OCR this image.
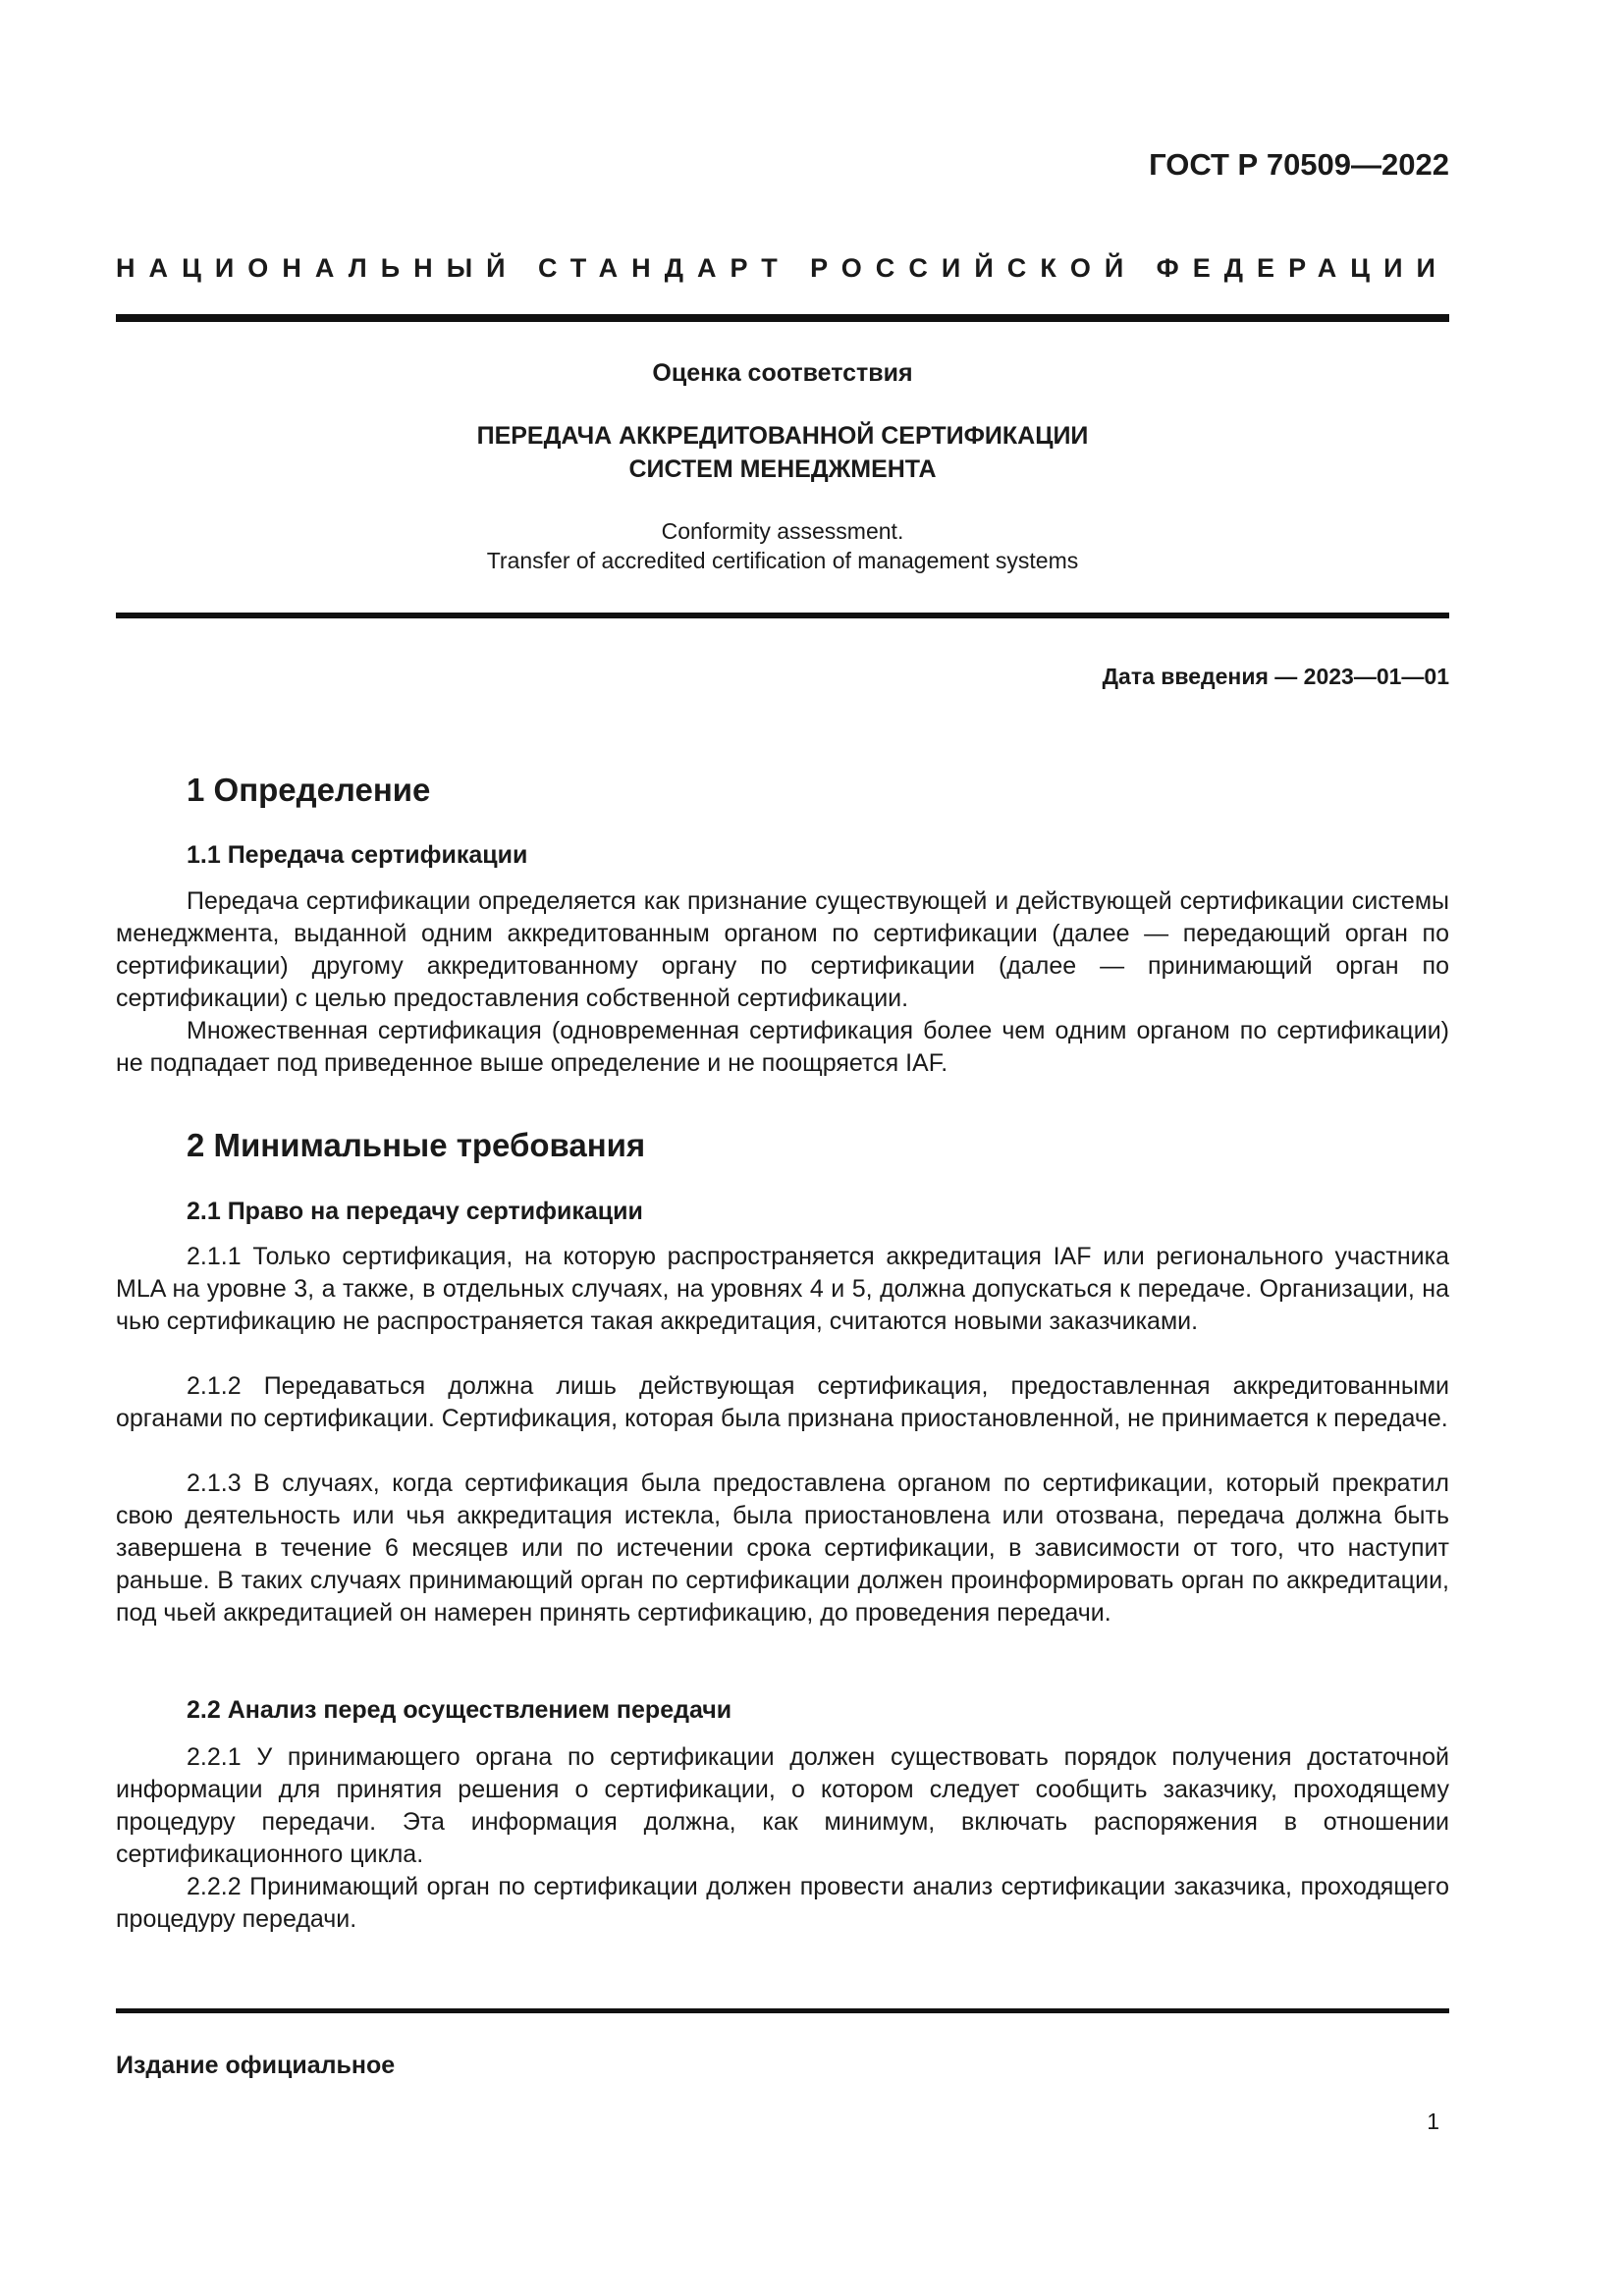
ГОСТ Р 70509—2022
НАЦИОНАЛЬНЫЙ СТАНДАРТ РОССИЙСКОЙ ФЕДЕРАЦИИ
Оценка соответствия
ПЕРЕДАЧА АККРЕДИТОВАННОЙ СЕРТИФИКАЦИИ
СИСТЕМ МЕНЕДЖМЕНТА
Conformity assessment.
Transfer of accredited certification of management systems
Дата введения — 2023—01—01
1 Определение
1.1 Передача сертификации
Передача сертификации определяется как признание существующей и действующей сертификации системы менеджмента, выданной одним аккредитованным органом по сертификации (далее — передающий орган по сертификации) другому аккредитованному органу по сертификации (далее — принимающий орган по сертификации) с целью предоставления собственной сертификации.
Множественная сертификация (одновременная сертификация более чем одним органом по сертификации) не подпадает под приведенное выше определение и не поощряется IAF.
2 Минимальные требования
2.1 Право на передачу сертификации
2.1.1 Только сертификация, на которую распространяется аккредитация IAF или регионального участника MLA на уровне 3, а также, в отдельных случаях, на уровнях 4 и 5, должна допускаться к передаче. Организации, на чью сертификацию не распространяется такая аккредитация, считаются новыми заказчиками.
2.1.2 Передаваться должна лишь действующая сертификация, предоставленная аккредитованными органами по сертификации. Сертификация, которая была признана приостановленной, не принимается к передаче.
2.1.3 В случаях, когда сертификация была предоставлена органом по сертификации, который прекратил свою деятельность или чья аккредитация истекла, была приостановлена или отозвана, передача должна быть завершена в течение 6 месяцев или по истечении срока сертификации, в зависимости от того, что наступит раньше. В таких случаях принимающий орган по сертификации должен проинформировать орган по аккредитации, под чьей аккредитацией он намерен принять сертификацию, до проведения передачи.
2.2 Анализ перед осуществлением передачи
2.2.1 У принимающего органа по сертификации должен существовать порядок получения достаточной информации для принятия решения о сертификации, о котором следует сообщить заказчику, проходящему процедуру передачи. Эта информация должна, как минимум, включать распоряжения в отношении сертификационного цикла.
2.2.2 Принимающий орган по сертификации должен провести анализ сертификации заказчика, проходящего процедуру передачи.
Издание официальное
1
